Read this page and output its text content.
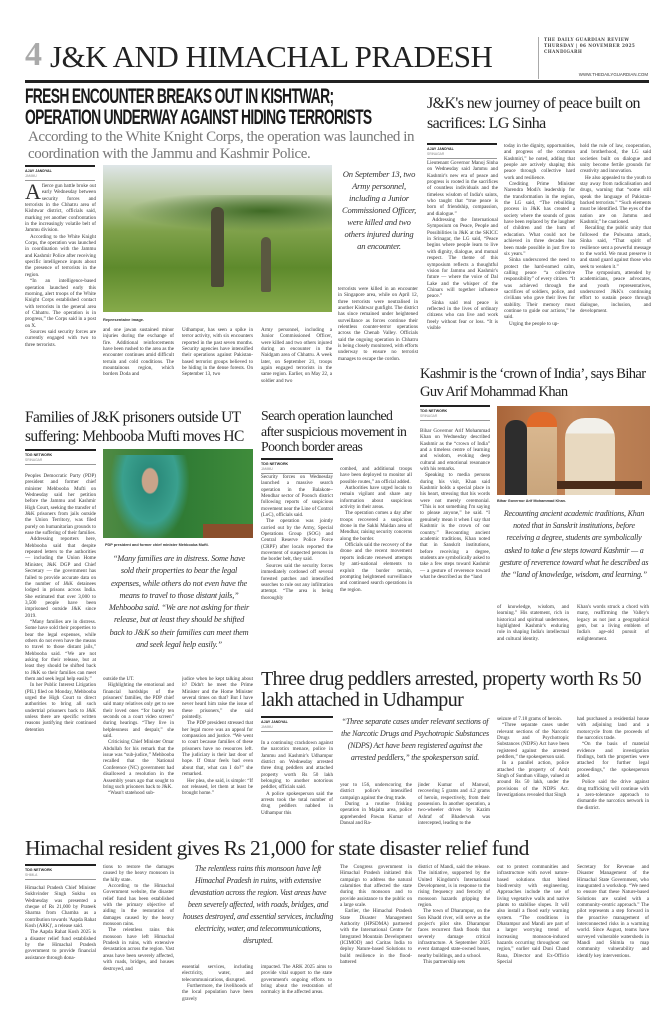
4 J&K AND HIMACHAL PRADESH	THE DAILY GUARDIAN REVIEW
THURSDAY | 06 NOVEMBER 2025
CHANDIGARH
WWW.THEDAILYGUARDIAN.COM
FRESH ENCOUNTER BREAKS OUT IN KISHTWAR;
OPERATION UNDERWAY AGAINST HIDING TERRORISTS
According to the White Knight Corps, the operation was launched in coordination with the Jammu and Kashmir Police.
AJAY JANDYAL
JAMMU

Afierce gun battle broke out early Wednesday between security forces and terrorists in the Chhatru area of Kishtwar district, officials said, marking yet another confrontation in the increasingly volatile belt of Jammu division.

According to the White Knight Corps, the operation was launched in coordination with the Jammu and Kashmir Police after receiving specific intelligence inputs about the presence of terrorists in the region.

“In an intelligence-based operation launched early this morning, alert troops of the White Knight Corps established contact with terrorists in the general area of Chhatru. The operation is in progress,” the Corps said in a post on X.

Sources said security forces are currently engaged with two to three terrorists.

Representaive image.

and one jawan sustained minor injuries during the exchange of fire. Additional reinforcements have been rushed to the area as the encounter continues amid difficult terrain and cold conditions. The mountainous region, which borders Doda and

Udhampur, has seen a spike in terror activity, with six encounters reported in the past seven months. Security agencies have intensified their operations against Pakistan-based terrorist groups believed to be hiding in the dense forests. On September 13, two

Army personnel, including a Junior Commissioned Officer, were killed and two others injured during an encounter in the Naidgam area of Chhatru. A week later, on September 21, troops again engaged terrorists in the same region. Earlier, on May 22, a soldier and two

On September 13, two Army personnel, including a Junior Commissioned Officer, were killed and two others injured during an encounter.

terrorists were killed in an encounter in Singapore area, while on April 12, three terrorists were neutralised in another Kishtwar gunfight. The district has since remained under heightened surveillance as forces continue their relentless counter-terror operations across the Chenab Valley. Officials said the ongoing operation in Chhatru is being closely monitored, with efforts underway to ensure no terrorist manages to escape the cordon.

J&K's new journey of peace built on sacrifices: LG Sinha
AJAY JANDYAL
SRINAGAR

Lieutenant Governor Manoj Sinha on Wednesday said Jammu and Kashmir's new era of peace and progress is rooted in the sacrifices of countless individuals and the timeless wisdom of India's saints, who taught that “true peace is born of friendship, compassion, and dialogue.”

Addressing the International Symposium on Peace, People and Possibilities in J&K at the SKICC in Srinagar, the LG said, “Peace begins where people learn to live with dignity, dialogue, and mutual respect. The theme of this symposium reflects a thoughtful vision for Jammu and Kashmir's future — where the voice of Dal Lake and the whisper of the Chinars will together influence peace.”

Sinha said real peace is reflected in the lives of ordinary citizens who can live and work freely without fear or loss. “It is visible

today in the dignity, opportunities, and progress of the common Kashmiri,” he noted, adding that people are actively shaping this peace through collective hard work and resilience.

Crediting Prime Minister Narendra Modi's leadership for the transformation in the region, the LG said, “The rebuilding process in J&K has created a society where the sounds of guns have been replaced by the laughter of children and the hum of education. What could not be achieved in three decades has been made possible in just five to six years.”

Sinha underscored the need to protect the hard-earned calm, calling peace “a collective responsibility” of every citizen. “It was achieved through the sacrifices of soldiers, police, and civilians who gave their lives for stability. Their memory must continue to guide our actions,” he said.

Urging the people to up-

hold the rule of law, cooperation, and brotherhood, the LG said societies built on dialogue and unity become fertile grounds for creativity and innovation.

He also appealed to the youth to stay away from radicalisation and drugs, warning that “some still speak the language of Pakistan-backed terrorists.” “Such elements must be identified. The eyes of the nation are on Jammu and Kashmir,” he cautioned.

Recalling the public unity that followed the Pulwama attack, Sinha said, “That spirit of resilience sent a powerful message to the world. We must preserve it and stand guard against those who seek to weaken it.”

The symposium, attended by academicians, peace advocates, and youth representatives, underscored J&K's continuing effort to sustain peace through dialogue, inclusion, and development.

Families of J&K prisoners outside UT suffering: Mehbooba Mufti moves HC
TDG NETWORK
SRINAGAR

Peoples Democratic Party (PDP) president and former chief minister Mehbooba Mufti on Wednesday said her petition before the Jammu and Kashmir High Court, seeking the transfer of J&K prisoners from jails outside the Union Territory, was filed purely on humanitarian grounds to ease the suffering of their families.

Addressing reporters here, Mehbooba said that despite repeated letters to the authorities — including the Union Home Minister, J&K DGP and Chief Secretary — the government has failed to provide accurate data on the number of J&K detainees lodged in prisons across India. She estimated that over 3,000 to 3,500 people have been imprisoned outside J&K since 2019.

“Many families are in distress. Some have sold their properties to bear the legal expenses, while others do not even have the means to travel to those distant jails,” Mehbooba said. “We are not asking for their release, but at least they should be shifted back to J&K so their families can meet them and seek legal help easily.”

In her Public Interest Litigation (PIL) filed on Monday, Mehbooba urged the High Court to direct authorities to bring all such undertrial prisoners back to J&K unless there are specific written reasons justifying their continued detention

PDP president and former chief minister Mehbooba Mufti.
“Many families are in distress. Some have sold their properties to bear the legal expenses, while others do not even have the means to travel to those distant jails,” Mehbooba said. “We are not asking for their release, but at least they should be shifted back to J&K so their families can meet them and seek legal help easily.”

outside the UT.

Highlighting the emotional and financial hardships of the prisoners' families, the PDP chief said many relatives only get to see their loved ones “for barely ten seconds on a court video screen” during hearings. “They live in helplessness and despair,” she said.

Criticising Chief Minister Omar Abdullah for his remark that the issue was “sub-judice,” Mehbooba recalled that the National Conference (NC) government had disallowed a resolution in the Assembly years ago that sought to bring such prisoners back to J&K.

“Wasn't statehood sub-

judice when he kept talking about it? Didn't he meet the Prime Minister and the Home Minister several times on that? But I have never heard him raise the issue of these prisoners,” she said pointedly.

The PDP president stressed that her legal move was an appeal for compassion and justice. “We went to court because families of these prisoners have no resources left. The judiciary is their last door of hope. If Omar feels bad even about that, what can I do?” she remarked.

Her plea, she said, is simple: “If not released, let them at least be brought home.”

Search operation launched after suspicious movement in Poonch border areas
TDG NETWORK
JAMMU

Security forces on Wednesday launched a massive search operation in the Balakote–Mendhar sector of Poonch district following reports of suspicious movement near the Line of Control (LoC), officials said.

The operation was jointly carried out by the Army, Special Operations Group (SOG) and Central Reserve Police Force (CRPF) after locals reported the movement of suspected persons in the border belt, they said.

Sources said the security forces immediately cordoned off several forested patches and intensified searches to rule out any infiltration attempt. “The area is being thoroughly

combed, and additional troops have been deployed to monitor all possible routes,” an official added.

Authorities have urged locals to remain vigilant and share any information about suspicious activity in their areas.

The operation comes a day after troops recovered a suspicious drone in the Sakhi Maidan area of Mendhar, raising security concerns along the border.

Officials said the recovery of the drone and the recent movement reports indicate renewed attempts by anti-national elements to exploit the border terrain, prompting heightened surveillance and continued search operations in the region.

Kashmir is the ‘crown of India’, says Bihar Guv Arif Mohammad Khan
TDG NETWORK
SRINAGAR

Bihar Governor Arif Mohammad Khan on Wednesday described Kashmir as the “crown of India” and a timeless centre of learning and wisdom, evoking deep cultural and emotional resonance with his remarks.

Speaking to media persons during his visit, Khan said Kashmir holds a special place in his heart, stressing that his words were not merely ceremonial. “This is not something I'm saying to please anyone,” he said. “I genuinely mean it when I say that Kashmir is the crown of our country.” Recounting ancient academic traditions, Khan noted that in Sanskrit institutions, before receiving a degree, students are symbolically asked to take a few steps toward Kashmir — a gesture of reverence toward what he described as the “land

Bihar Governor Arif Mohammad Khan.
Recounting ancient academic traditions, Khan noted that in Sanskrit institutions, before receiving a degree, students are symbolically asked to take a few steps toward Kashmir — a gesture of reverence toward what he described as the “land of knowledge, wisdom, and learning.”

of knowledge, wisdom, and learning.” His statement, rich in historical and spiritual undertones, highlighted Kashmir's enduring role in shaping India's intellectual and cultural identity.

Khan's words struck a chord with many, reaffirming the Valley's legacy as not just a geographical gem, but a living emblem of India's age-old pursuit of enlightenment.

Three drug peddlers arrested, property worth Rs 50 lakh attached in Udhampur
AJAY JANDYAL
JAMMU

In a continuing crackdown against the narcotics menace, police in Jammu and Kashmir's Udhampur district on Wednesday arrested three drug peddlers and attached property worth Rs 50 lakh belonging to another notorious peddler, officials said.

A police spokesperson said the arrests took the total number of drug peddlers nabbed in Udhampur this

“Three separate cases under relevant sections of the Narcotic Drugs and Psychotropic Substances (NDPS) Act have been registered against the arrested peddlers,” the spokesperson said.

year to 156, underscoring the district police's intensified campaign against the drug trade.

During a routine frisking operation in Majalta area, police apprehended Pawan Kumar of Dansal and Ra-

jinder Kumar of Manwal, recovering 5 grams and 4.2 grams of heroin, respectively, from their possession. In another operation, a two-wheeler driven by Kazim Ashraf of Bhaderwah was intercepted, leading to the

seizure of 7.18 grams of heroin.

“Three separate cases under relevant sections of the Narcotic Drugs and Psychotropic Substances (NDPS) Act have been registered against the arrested peddlers,” the spokesperson said.

In a parallel action, police attached the property of Amit Singh of Sunthan village, valued at around Rs 50 lakh, under the provisions of the NDPS Act. Investigations revealed that Singh

had purchased a residential house with adjoining land and a motorcycle from the proceeds of the narcotics trade.

“On the basis of material evidence and investigation findings, both the properties were attached for further legal proceedings,” the spokesperson added.

Police said the drive against drug trafficking will continue with a zero-tolerance approach to dismantle the narcotics network in the district.

Himachal resident gives Rs 21,000 for state disaster relief fund
TDG NETWORK
SHIMLA

Himachal Pradesh Chief Minister Sukhvinder Singh Sukhu on Wednesday was presented a cheque of Rs 21,000 by Prateek Sharma from Chamba as a contribution towards 'Aapda Rahat Kosh (ARK)', a release said.

The Aapda Rahat Kosh 2025 is a disaster relief fund established by the Himachal Pradesh government to provide financial assistance through dona-

tions to restore the damages caused by the heavy monsoon in the hilly state.

According to the Himachal Government website, the disaster relief fund has been established with the primary objective of aiding in the restoration of damages caused by the heavy monsoon rains.

The relentless rains this monsoon have left Himachal Pradesh in ruins, with extensive devastation across the region. Vast areas have been severely affected, with roads, bridges, and houses destroyed, and

The relentless rains this monsoon have left Himachal Pradesh in ruins, with extensive devastation across the region. Vast areas have been severely affected, with roads, bridges, and houses destroyed, and essential services, including electricity, water, and telecommunications, disrupted.

essential services, including electricity, water, and telecommunications, disrupted.

Furthermore, the livelihoods of the local population have been gravely

impacted. The ARK 2025 aims to provide vital support to the state government's ongoing efforts to bring about the restoration of normalcy in the affected areas.

The Congress government in Himachal Pradesh initiated this campaign to address the natural calamities that affected the state during this monsoon and to provide assistance to the public on a large scale.

Earlier, the Himachal Pradesh State Disaster Management Authority (HPSDMA) partnered with the International Centre for Integrated Mountain Development (ICIMOD) and Caritas India to deploy Nature-based Solutions to build resilience in the flood-battered

district of Mandi, said the release. The initiative, supported by the United Kingdom's International Development, is in response to the rising frequency and ferocity of monsoon hazards gripping the region.

The town of Dharampur, on the Son Khadd river, will serve as the project's pilot site. Dharampur faces recurrent flash floods that severely damage critical infrastructure. A September 2025 event damaged state-owned buses, nearby buildings, and a school.

This partnership sets

out to protect communities and infrastructure with novel nature-based solutions that blend biodiversity with engineering. Approaches include the use of living vegetative walls and native plants to stabilise slopes. It will also install a flood early warning system. “The conditions in Dharampur and Mandi are part of a larger worrying trend of increasing monsoon-induced hazards occurring throughout our region,” earlier said Duni Chand Rana, Director and Ex-Officio Special

Secretary for Revenue and Disaster Management of the Himachal State Government, who inaugurated a workshop. “We need to ensure that these Nature-based Solutions are scaled with a community-centric approach.” The pilot represents a step forward in the proactive management of interconnected risks in a warming world. Since August, teams have surveyed vulnerable watersheds in Mandi and Shimla to map community vulnerability and identify key interventions.
